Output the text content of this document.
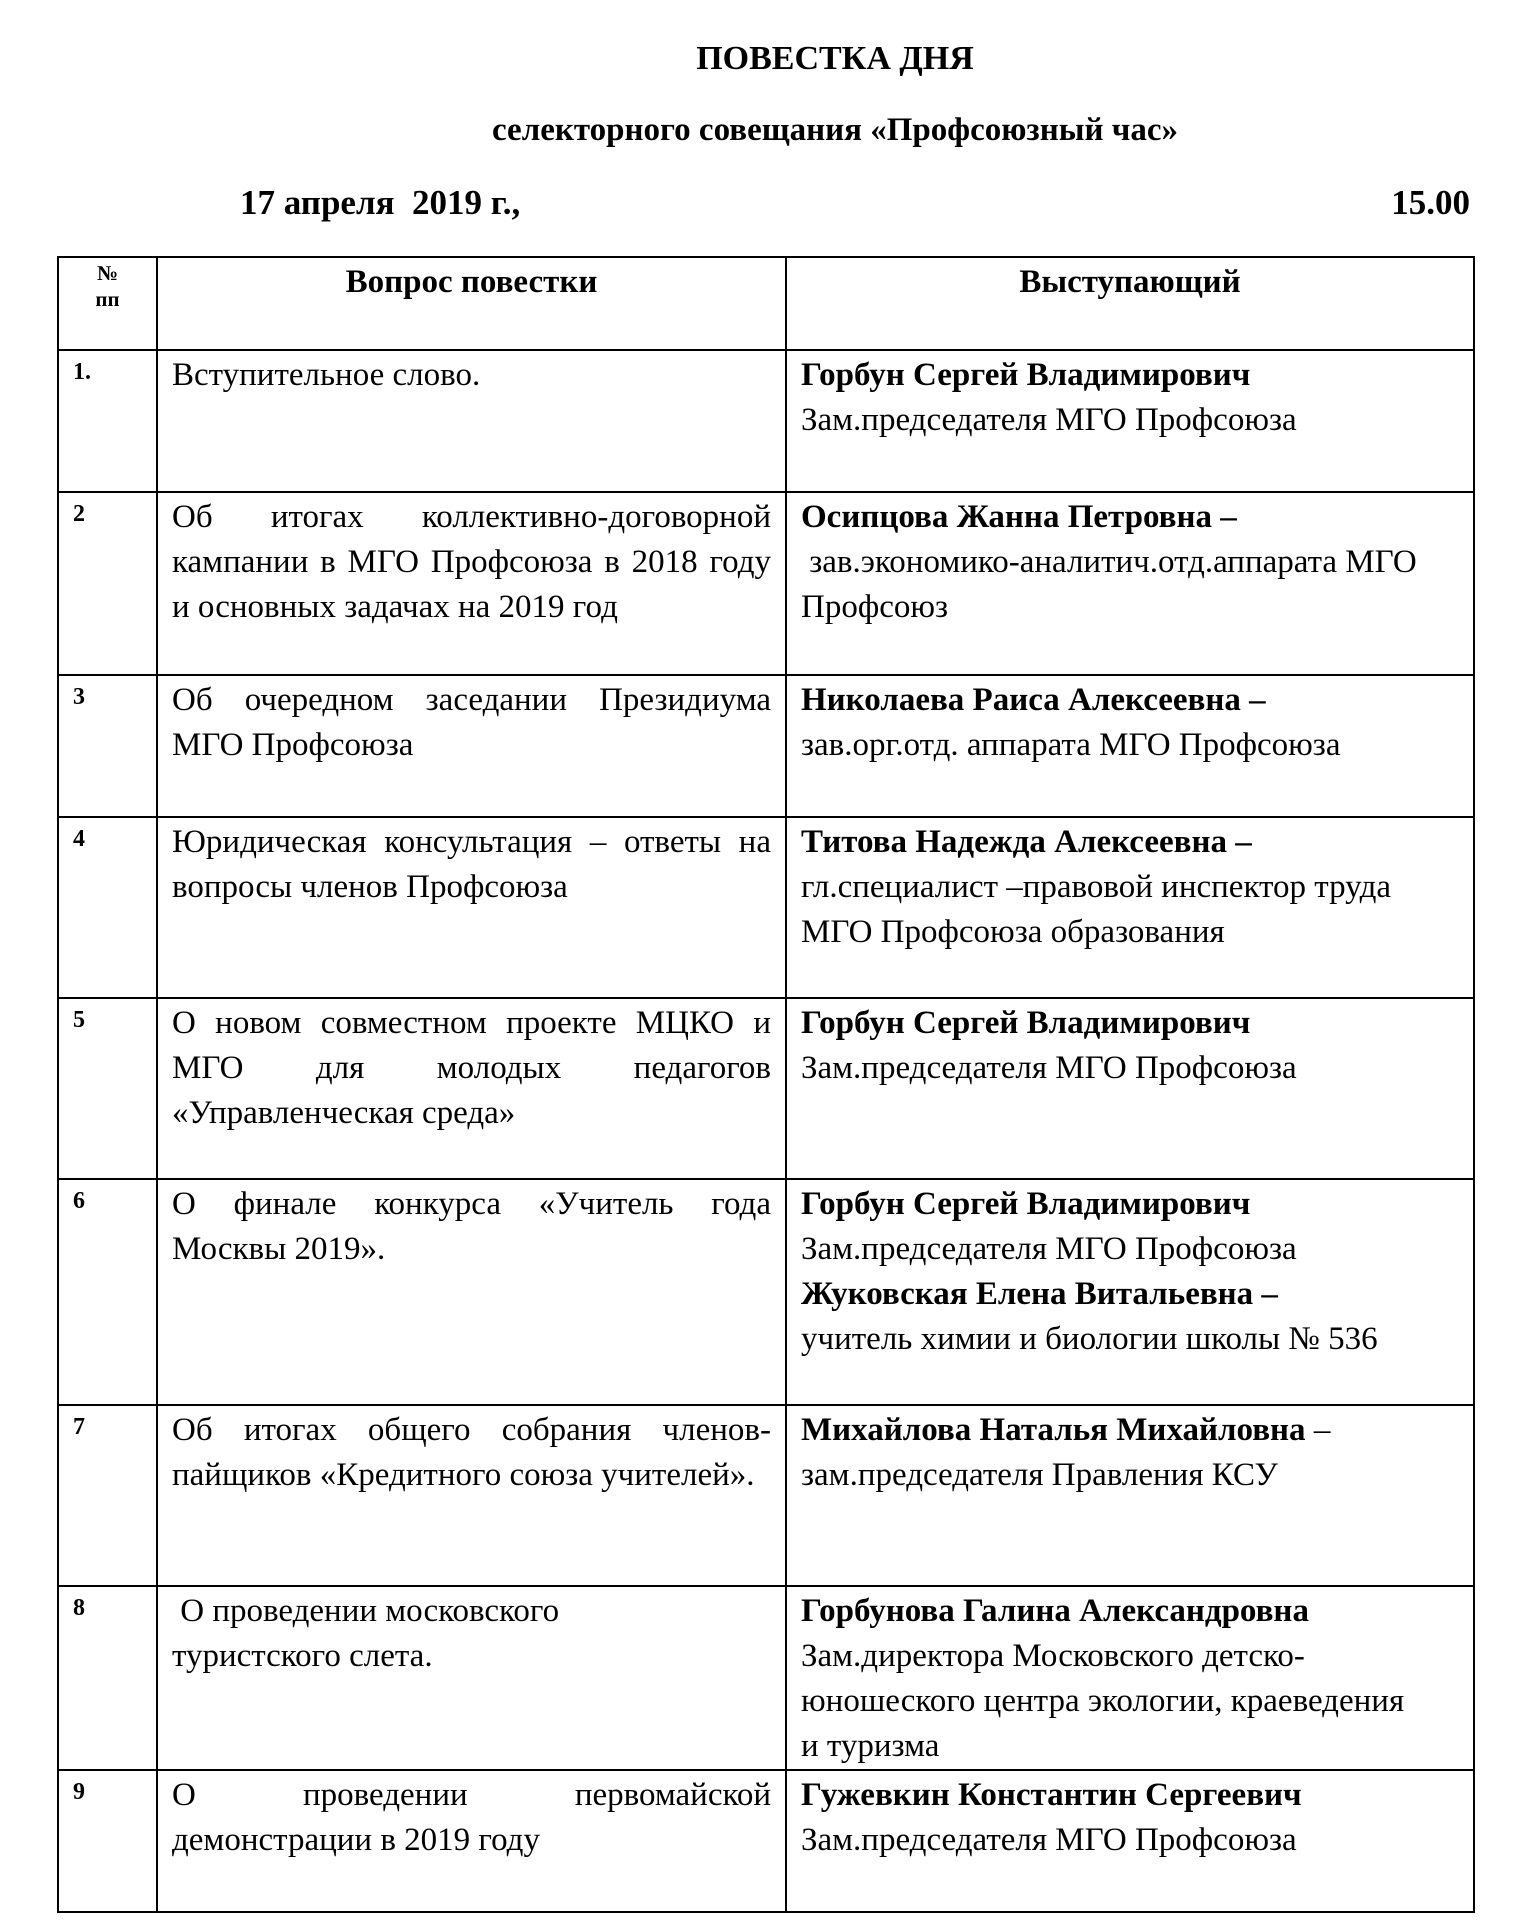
ПОВЕСТКА ДНЯ
селекторного совещания «Профсоюзный час»
17 апреля  2019 г.,	15.00
№ пп	Вопрос повестки	Выступающий
1.	Вступительное слово.	Горбун Сергей Владимирович
Зам.председателя МГО Профсоюза

2	Об итогах коллективно-договорной кампании в МГО Профсоюза в 2018 году и основных задачах на 2019 год	Осипцова Жанна Петровна –
зав.экономико-аналитич.отд.аппарата МГО Профсоюз

3	Об очередном заседании Президиума МГО Профсоюза	Николаева Раиса Алексеевна –
зав.орг.отд. аппарата МГО Профсоюза

4	Юридическая консультация – ответы на вопросы членов Профсоюза	Титова Надежда Алексеевна –
гл.специалист –правовой инспектор труда МГО Профсоюза образования

5	О новом совместном проекте МЦКО и МГО для молодых педагогов «Управленческая среда»	Горбун Сергей Владимирович
Зам.председателя МГО Профсоюза

6	О финале конкурса «Учитель года Москвы 2019».	Горбун Сергей Владимирович
Зам.председателя МГО Профсоюза
Жуковская Елена Витальевна –
учитель химии и биологии школы № 536

7	Об итогах общего собрания членов-пайщиков «Кредитного союза учителей».	Михайлова Наталья Михайловна –
зам.председателя Правления КСУ

8	О проведении московского туристского слета.	Горбунова Галина Александровна
Зам.директора Московского детско-юношеского центра экологии, краеведения и туризма

9	О проведении первомайской демонстрации в 2019 году	Гужевкин Константин Сергеевич
Зам.председателя МГО Профсоюза
